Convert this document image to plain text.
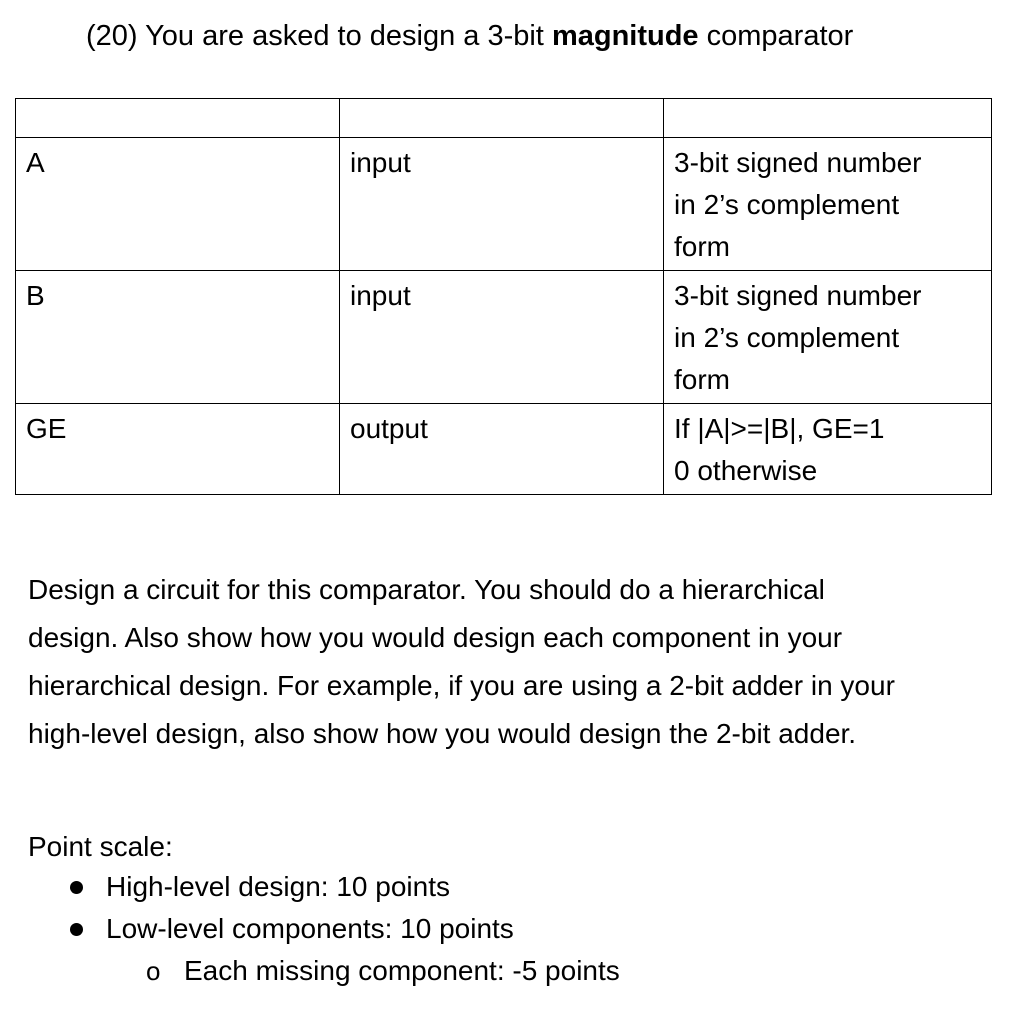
(20) You are asked to design a 3-bit magnitude comparator

A	input	3-bit signed number
in 2’s complement
form

B	input	3-bit signed number
in 2’s complement
form

GE	output	If |A|>=|B|, GE=1
0 otherwise
Design a circuit for this comparator. You should do a hierarchical
design. Also show how you would design each component in your
hierarchical design. For example, if you are using a 2-bit adder in your
high-level design, also show how you would design the 2-bit adder.
Point scale:
High-level design: 10 points
Low-level components: 10 points
o Each missing component: -5 points
